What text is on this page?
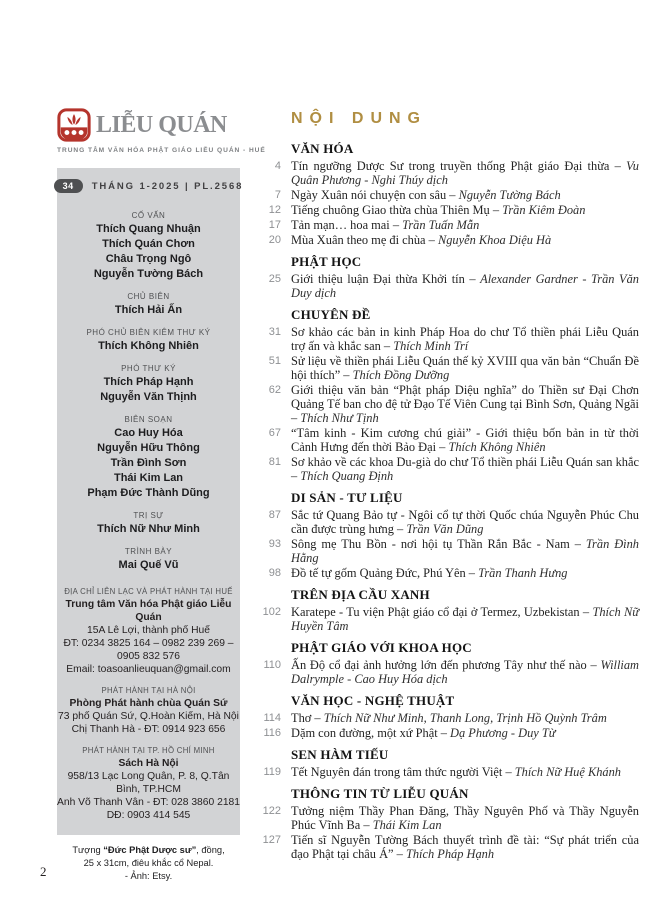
LIỄU QUÁN
TRUNG TÂM VĂN HÓA PHẬT GIÁO LIỄU QUÁN - HUẾ
34	THÁNG 1-2025 | PL.2568
CỐ VẤN
Thích Quang Nhuận
Thích Quán Chơn
Châu Trọng Ngô
Nguyễn Tường Bách
CHỦ BIÊN
Thích Hải Ấn
PHÓ CHỦ BIÊN KIÊM THƯ KÝ
Thích Không Nhiên
PHÓ THƯ KÝ
Thích Pháp Hạnh
Nguyễn Văn Thịnh
BIÊN SOẠN
Cao Huy Hóa
Nguyễn Hữu Thông
Trần Đình Sơn
Thái Kim Lan
Phạm Đức Thành Dũng
TRỊ SỰ
Thích Nữ Như Minh
TRÌNH BÀY
Mai Quế Vũ
ĐỊA CHỈ LIÊN LẠC VÀ PHÁT HÀNH TẠI HUẾ
Trung tâm Văn hóa Phật giáo Liễu Quán
15A Lê Lợi, thành phố Huế
ĐT: 0234 3825 164 – 0982 239 269 – 0905 832 576
Email: toasoanlieuquan@gmail.com
PHÁT HÀNH TẠI HÀ NỘI
Phòng Phát hành chùa Quán Sứ
73 phố Quán Sứ, Q.Hoàn Kiếm, Hà Nội
Chị Thanh Hà - ĐT: 0914 923 656
PHÁT HÀNH TẠI TP. HỒ CHÍ MINH
Sách Hà Nội
958/13 Lạc Long Quân, P. 8, Q.Tân Bình, TP.HCM
Anh Võ Thanh Vân - ĐT: 028 3860 2181
DĐ: 0903 414 545
Tượng “Đức Phật Dược sư”, đồng,
25 x 31cm, điêu khắc cổ Nepal.
- Ảnh: Etsy.
NỘI DUNG
VĂN HÓA
4 Tín ngưỡng Dược Sư trong truyền thống Phật giáo Đại thừa – Vu Quân Phương - Nghi Thúy dịch
7 Ngày Xuân nói chuyện con sâu – Nguyễn Tường Bách
12 Tiếng chuông Giao thừa chùa Thiên Mụ – Trần Kiêm Đoàn
17 Tản mạn… hoa mai – Trần Tuấn Mẫn
20 Mùa Xuân theo mẹ đi chùa – Nguyễn Khoa Diệu Hà
PHẬT HỌC
25 Giới thiệu luận Đại thừa Khởi tín – Alexander Gardner - Trần Văn Duy dịch
CHUYÊN ĐỀ
31 Sơ khảo các bản in kinh Pháp Hoa do chư Tổ thiền phái Liễu Quán trợ ấn và khắc san – Thích Minh Trí
51 Sử liệu về thiền phái Liễu Quán thế kỷ XVIII qua văn bản “Chuẩn Đề hội thích” – Thích Đồng Dưỡng
62 Giới thiệu văn bản “Phật pháp Diệu nghĩa” do Thiền sư Đại Chơn Quảng Tế ban cho đệ tử Đạo Tế Viên Cung tại Bình Sơn, Quảng Ngãi – Thích Như Tịnh
67 “Tâm kinh - Kim cương chú giải” - Giới thiệu bốn bản in từ thời Cảnh Hưng đến thời Bảo Đại – Thích Không Nhiên
81 Sơ khảo về các khoa Du-già do chư Tổ thiền phái Liễu Quán san khắc – Thích Quang Định
DI SẢN - TƯ LIỆU
87 Sắc tứ Quang Bảo tự - Ngôi cổ tự thời Quốc chúa Nguyễn Phúc Chu cần được trùng hưng – Trần Văn Dũng
93 Sông mẹ Thu Bồn - nơi hội tụ Thần Rắn Bắc - Nam – Trần Đình Hằng
98 Đồ tế tự gốm Quảng Đức, Phú Yên – Trần Thanh Hưng
TRÊN ĐỊA CẦU XANH
102 Karatepe - Tu viện Phật giáo cổ đại ở Termez, Uzbekistan – Thích Nữ Huyền Tâm
PHẬT GIÁO VỚI KHOA HỌC
110 Ấn Độ cổ đại ảnh hưởng lớn đến phương Tây như thế nào – William Dalrymple - Cao Huy Hóa dịch
VĂN HỌC - NGHỆ THUẬT
114 Thơ – Thích Nữ Như Minh, Thanh Long, Trịnh Hồ Quỳnh Trâm
116 Dặm con đường, một xứ Phật – Dạ Phương - Duy Từ
SEN HÀM TIẾU
119 Tết Nguyên đán trong tâm thức người Việt – Thích Nữ Huệ Khánh
THÔNG TIN TỪ LIỄU QUÁN
122 Tưởng niệm Thầy Phan Đăng, Thầy Nguyên Phố và Thầy Nguyễn Phúc Vĩnh Ba – Thái Kim Lan
127 Tiến sĩ Nguyễn Tường Bách thuyết trình đề tài: “Sự phát triển của đạo Phật tại châu Á” – Thích Pháp Hạnh
2
